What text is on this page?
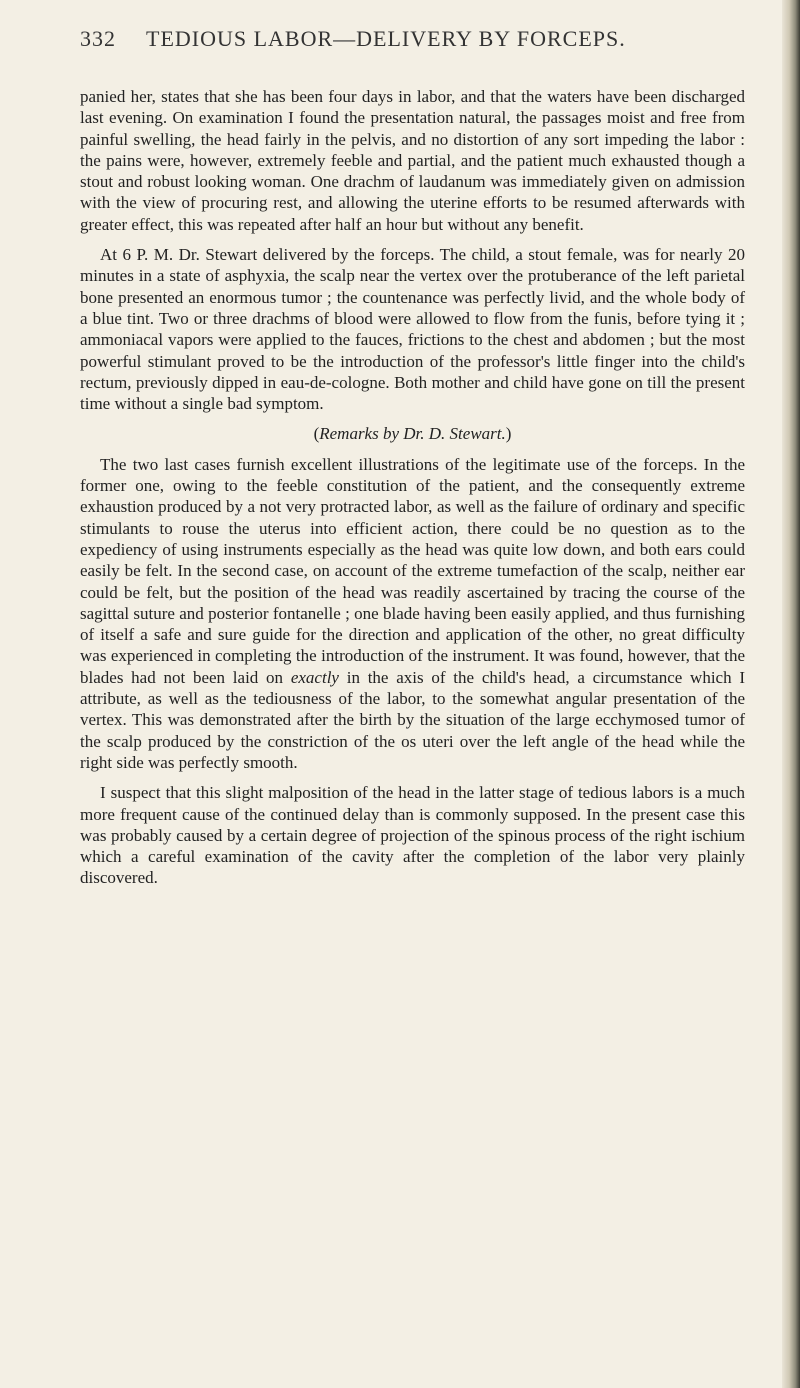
332 TEDIOUS LABOR—DELIVERY BY FORCEPS.

panied her, states that she has been four days in labor, and that the waters have been discharged last evening. On examination I found the presentation natural, the passages moist and free from painful swelling, the head fairly in the pelvis, and no distortion of any sort impeding the labor : the pains were, however, extremely feeble and partial, and the patient much exhausted though a stout and robust looking woman. One drachm of laudanum was immediately given on admission with the view of procuring rest, and allowing the uterine efforts to be resumed afterwards with greater effect, this was repeated after half an hour but without any benefit.

At 6 P. M. Dr. Stewart delivered by the forceps. The child, a stout female, was for nearly 20 minutes in a state of asphyxia, the scalp near the vertex over the protuberance of the left parietal bone presented an enormous tumor ; the countenance was perfectly livid, and the whole body of a blue tint. Two or three drachms of blood were allowed to flow from the funis, before tying it ; ammoniacal vapors were applied to the fauces, frictions to the chest and abdomen ; but the most powerful stimulant proved to be the introduction of the professor's little finger into the child's rectum, previously dipped in eau-de-cologne. Both mother and child have gone on till the present time without a single bad symptom.

(Remarks by Dr. D. Stewart.)

The two last cases furnish excellent illustrations of the legitimate use of the forceps. In the former one, owing to the feeble constitution of the patient, and the consequently extreme exhaustion produced by a not very protracted labor, as well as the failure of ordinary and specific stimulants to rouse the uterus into efficient action, there could be no question as to the expediency of using instruments especially as the head was quite low down, and both ears could easily be felt. In the second case, on account of the extreme tumefaction of the scalp, neither ear could be felt, but the position of the head was readily ascertained by tracing the course of the sagittal suture and posterior fontanelle ; one blade having been easily applied, and thus furnishing of itself a safe and sure guide for the direction and application of the other, no great difficulty was experienced in completing the introduction of the instrument. It was found, however, that the blades had not been laid on exactly in the axis of the child's head, a circumstance which I attribute, as well as the tediousness of the labor, to the somewhat angular presentation of the vertex. This was demonstrated after the birth by the situation of the large ecchymosed tumor of the scalp produced by the constriction of the os uteri over the left angle of the head while the right side was perfectly smooth.

I suspect that this slight malposition of the head in the latter stage of tedious labors is a much more frequent cause of the continued delay than is commonly supposed. In the present case this was probably caused by a certain degree of projection of the spinous process of the right ischium which a careful examination of the cavity after the completion of the labor very plainly discovered.
